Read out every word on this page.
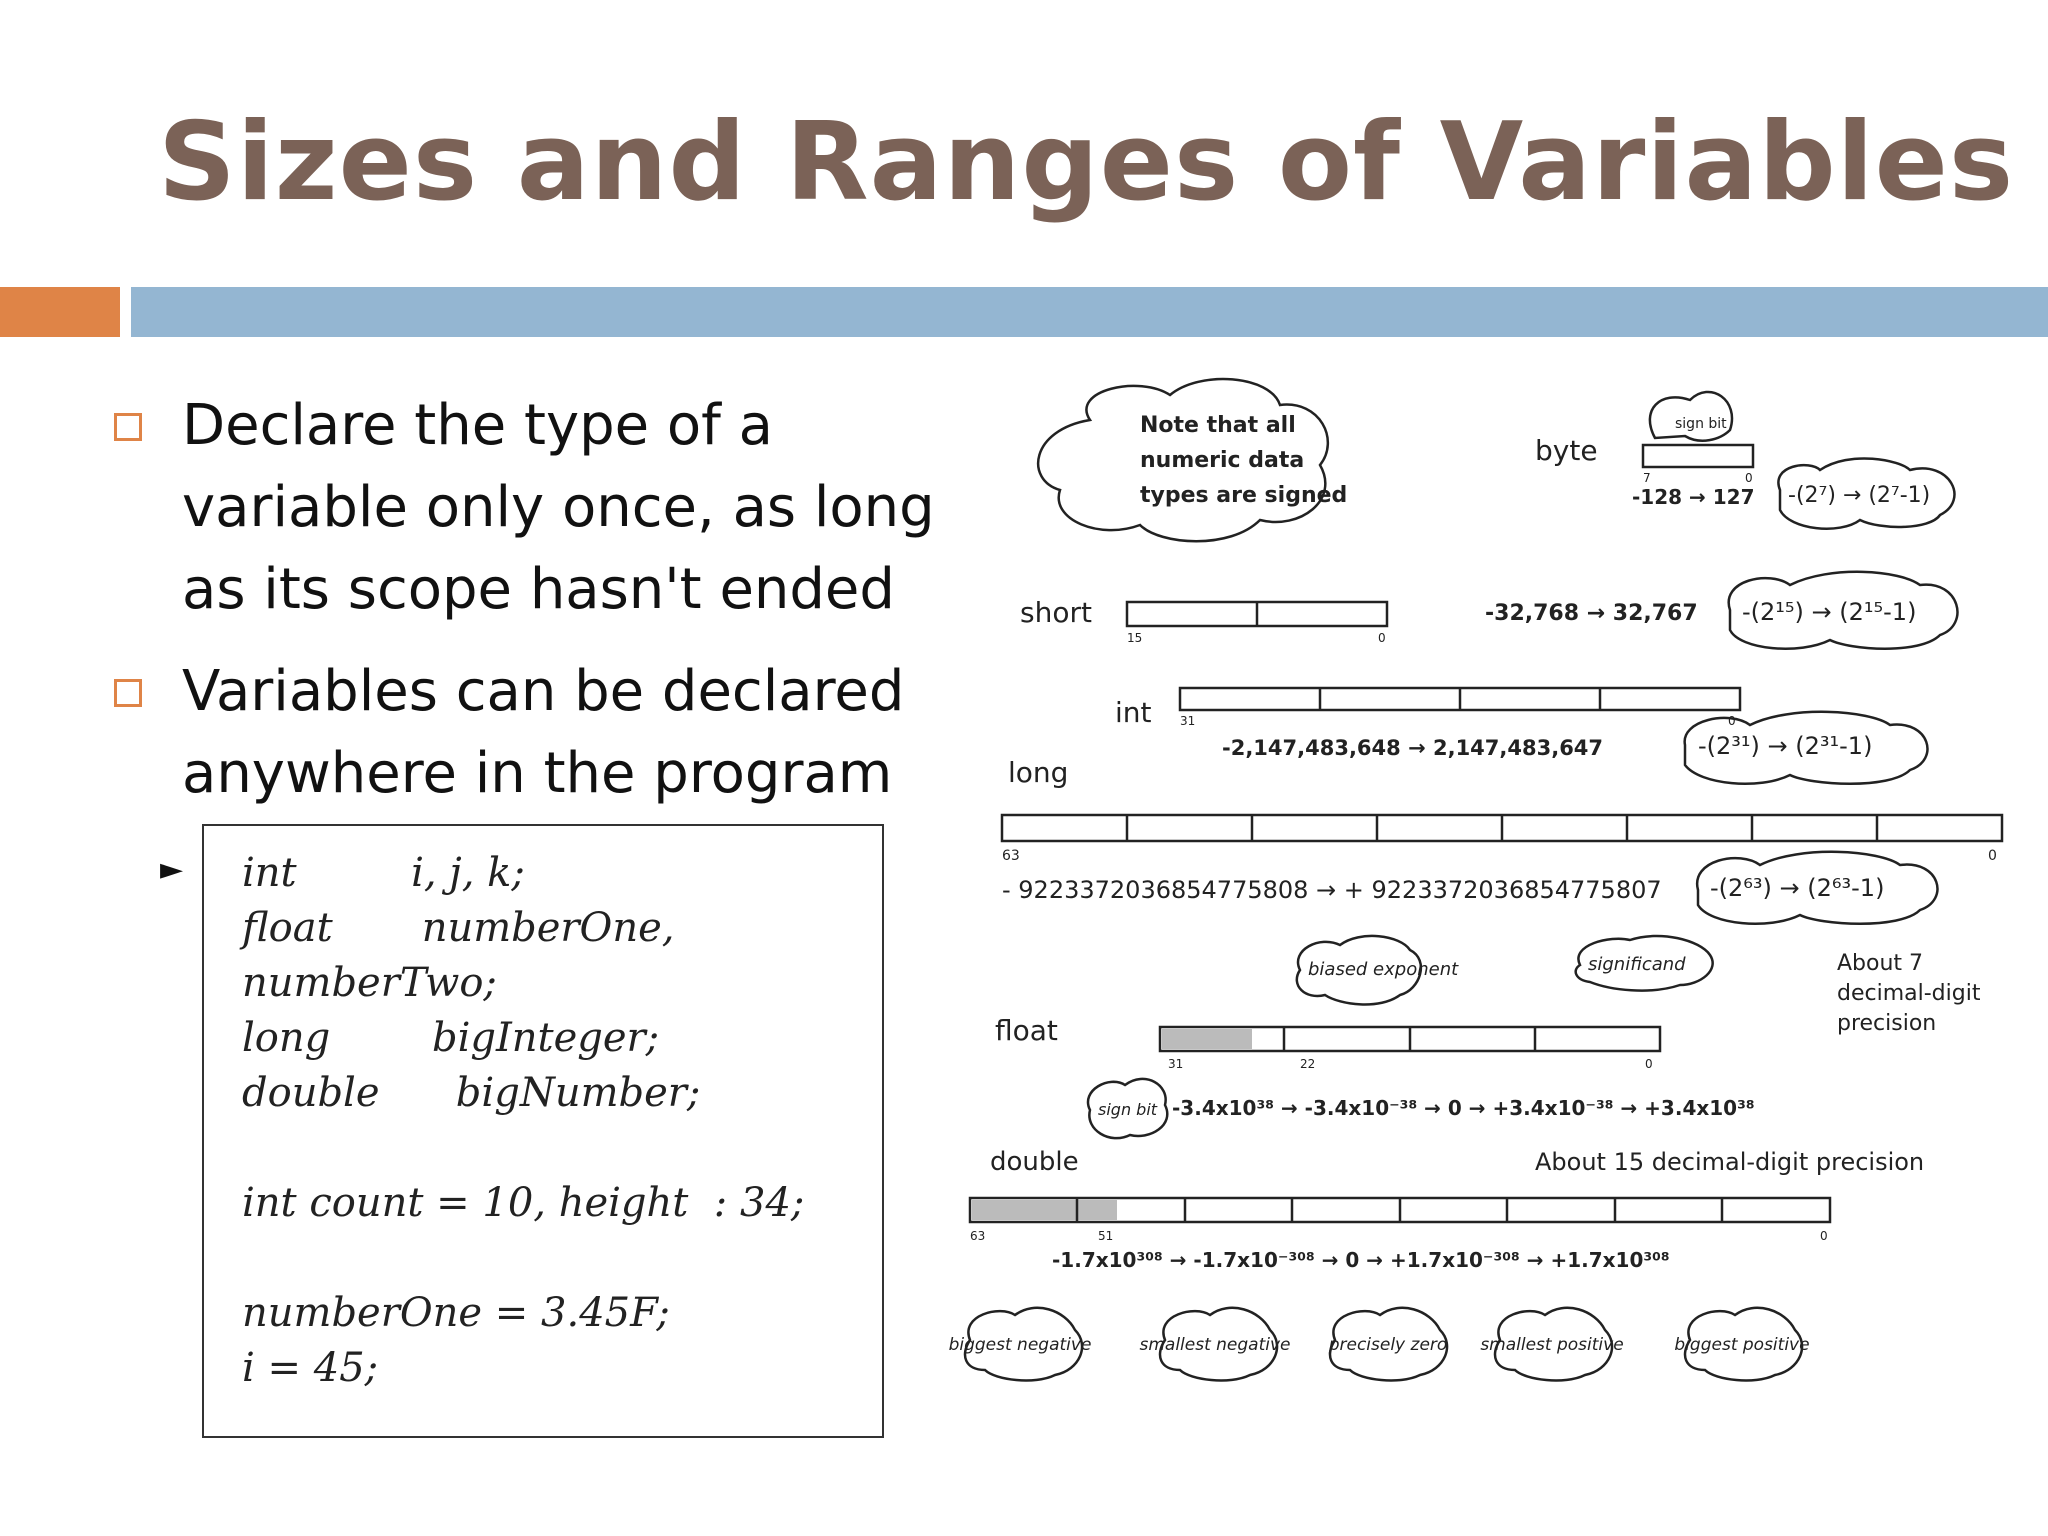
Sizes and Ranges of Variables
Declare the type of a variable only once, as long as its scope hasn't ended
Variables can be declared anywhere in the program
► int         i, j, k;
float       numberOne,
numberTwo;
long        bigInteger;
double      bigNumber;

int count = 10, height  : 34;

numberOne = 3.45F;
i = 45;
Note that all
numeric data
types are signed
byte
sign bit
7	0
-128 → 127 -(2⁷) → (2⁷-1)
short
15	0
-32,768 → 32,767 -(2¹⁵) → (2¹⁵-1)
int 31	0
-2,147,483,648 → 2,147,483,647	-(2³¹) → (2³¹-1)
long
63	0
- 9223372036854775808 → + 9223372036854775807 -(2⁶³) → (2⁶³-1)
float
31	22	0
biased exponent	significand
sign bit
About 7
decimal-digit
precision
-3.4x10³⁸ → -3.4x10⁻³⁸ → 0 → +3.4x10⁻³⁸ → +3.4x10³⁸
double	About 15 decimal-digit precision
63	51	0
-1.7x10³⁰⁸ → -1.7x10⁻³⁰⁸ → 0 → +1.7x10⁻³⁰⁸ → +1.7x10³⁰⁸
biggest negative	smallest negative precisely zero smallest positive	biggest positive
